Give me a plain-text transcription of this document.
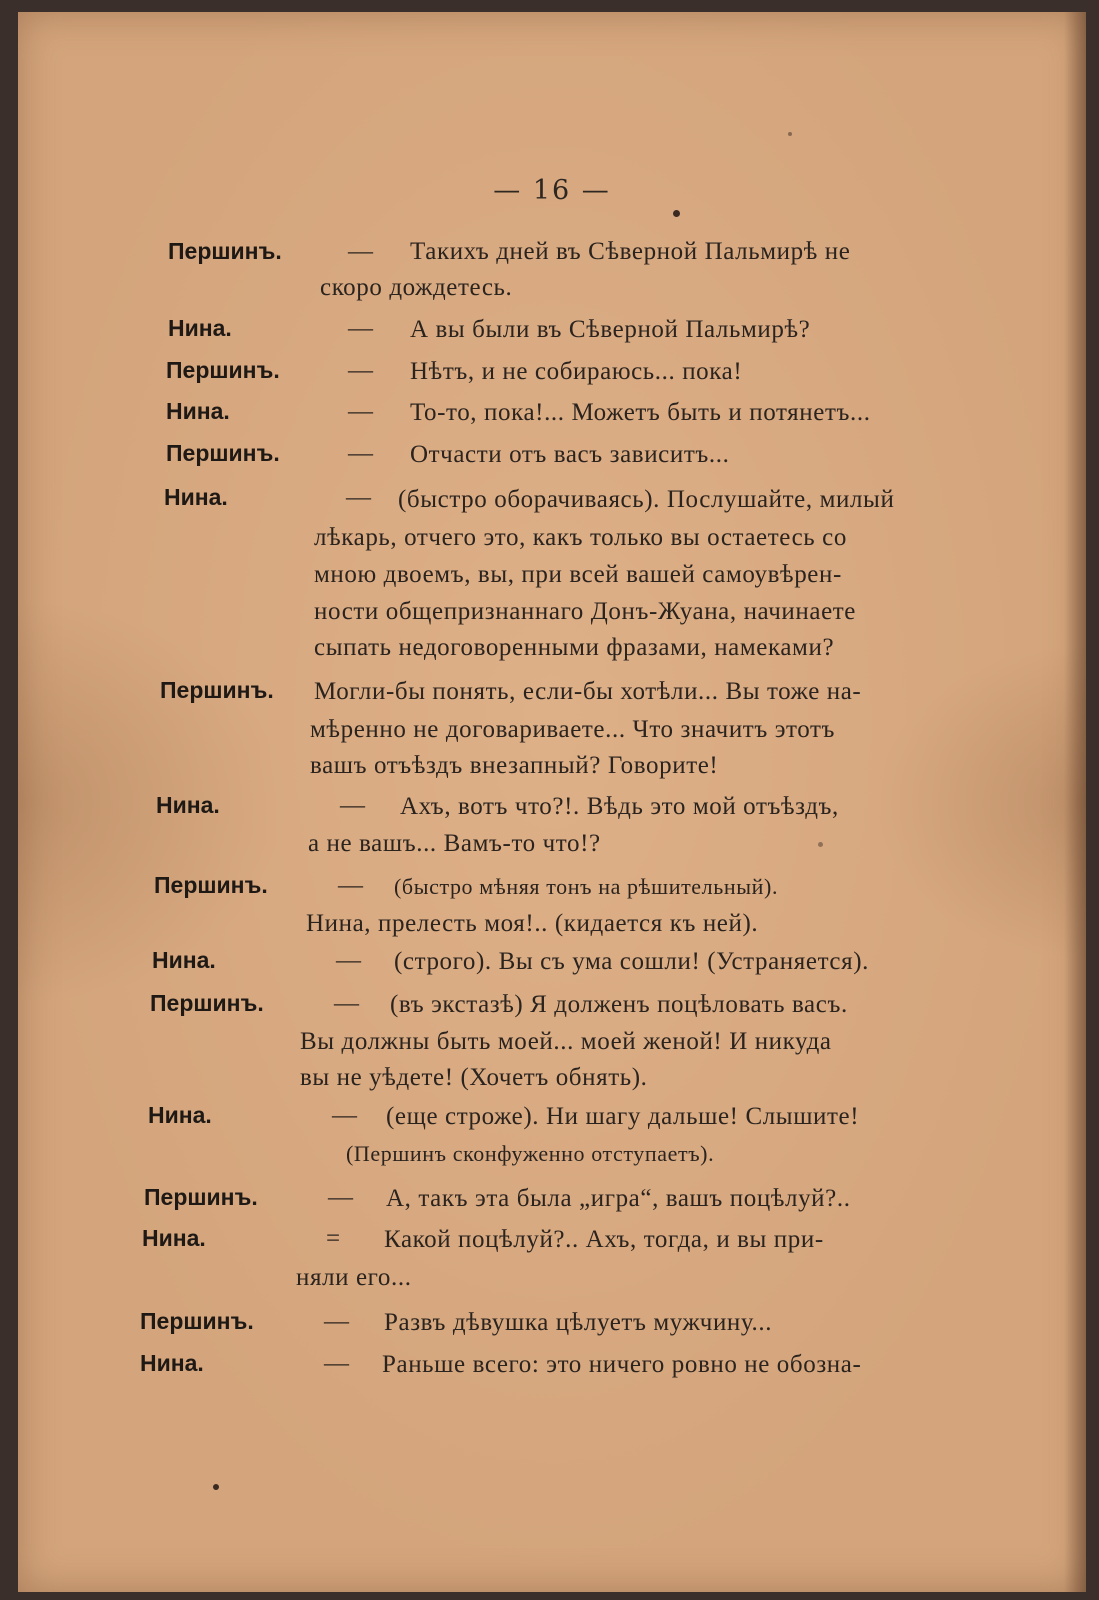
— 16 —
Першинъ.	— Такихъ дней въ Сѣверной Пальмирѣ не
скоро дождетесь.
Нина.	— А вы были въ Сѣверной Пальмирѣ?
Першинъ.	— Нѣтъ, и не собираюсь... пока!
Нина.	— То-то, пока!... Можетъ быть и потянетъ...
Першинъ.	— Отчасти отъ васъ зависитъ...
Нина.	— (быстро оборачиваясь). Послушайте, милый
лѣкарь, отчего это, какъ только вы остаетесь со
мною двоемъ, вы, при всей вашей самоувѣрен-
ности общепризнаннаго Донъ-Жуана, начинаете
сыпать недоговоренными фразами, намеками?
Першинъ. Могли-бы понять, если-бы хотѣли... Вы тоже на-
мѣренно не договариваете... Что значитъ этотъ
вашъ отъѣздъ внезапный? Говорите!
Нина.	— Ахъ, вотъ что?!. Вѣдь это мой отъѣздъ,
а не вашъ... Вамъ-то что!?
Першинъ.	— (быстро мѣняя тонъ на рѣшительный).
Нина, прелесть моя!.. (кидается къ ней).
Нина.	— (строго). Вы съ ума сошли! (Устраняется).
Першинъ.	— (въ экстазѣ) Я долженъ поцѣловать васъ.
Вы должны быть моей... моей женой! И никуда
вы не уѣдете! (Хочетъ обнять).
Нина.	— (еще строже). Ни шагу дальше! Слышите!
(Першинъ сконфуженно отступаетъ).
Першинъ.	— А, такъ эта была „игра“, вашъ поцѣлуй?..
Нина.	= Какой поцѣлуй?.. Ахъ, тогда, и вы при-
няли его...
Першинъ.	— Развъ дѣвушка цѣлуетъ мужчину...
Нина.	— Раньше всего: это ничего ровно не обозна-
